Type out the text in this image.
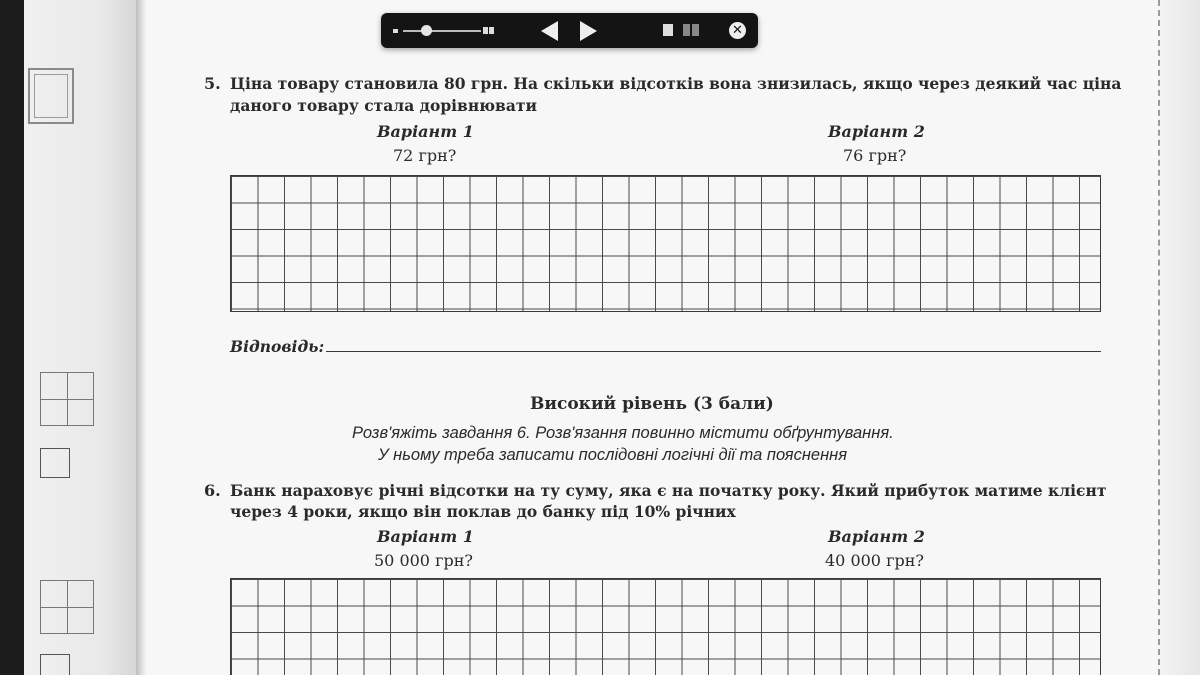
5. Ціна товару становила 80 грн. На скільки відсотків вона знизилась, якщо через деякий час ціна
даного товару стала дорівнювати
Варіант 1
72 грн?
Варіант 2
76 грн?
Відповідь:
Високий рівень (3 бали)
Розв'яжіть завдання 6. Розв'язання повинно містити обґрунтування.
У ньому треба записати послідовні логічні дії та пояснення
6. Банк нараховує річні відсотки на ту суму, яка є на початку року. Який прибуток матиме клієнт
через 4 роки, якщо він поклав до банку під 10% річних
Варіант 1
50 000 грн?
Варіант 2
40 000 грн?
✕
